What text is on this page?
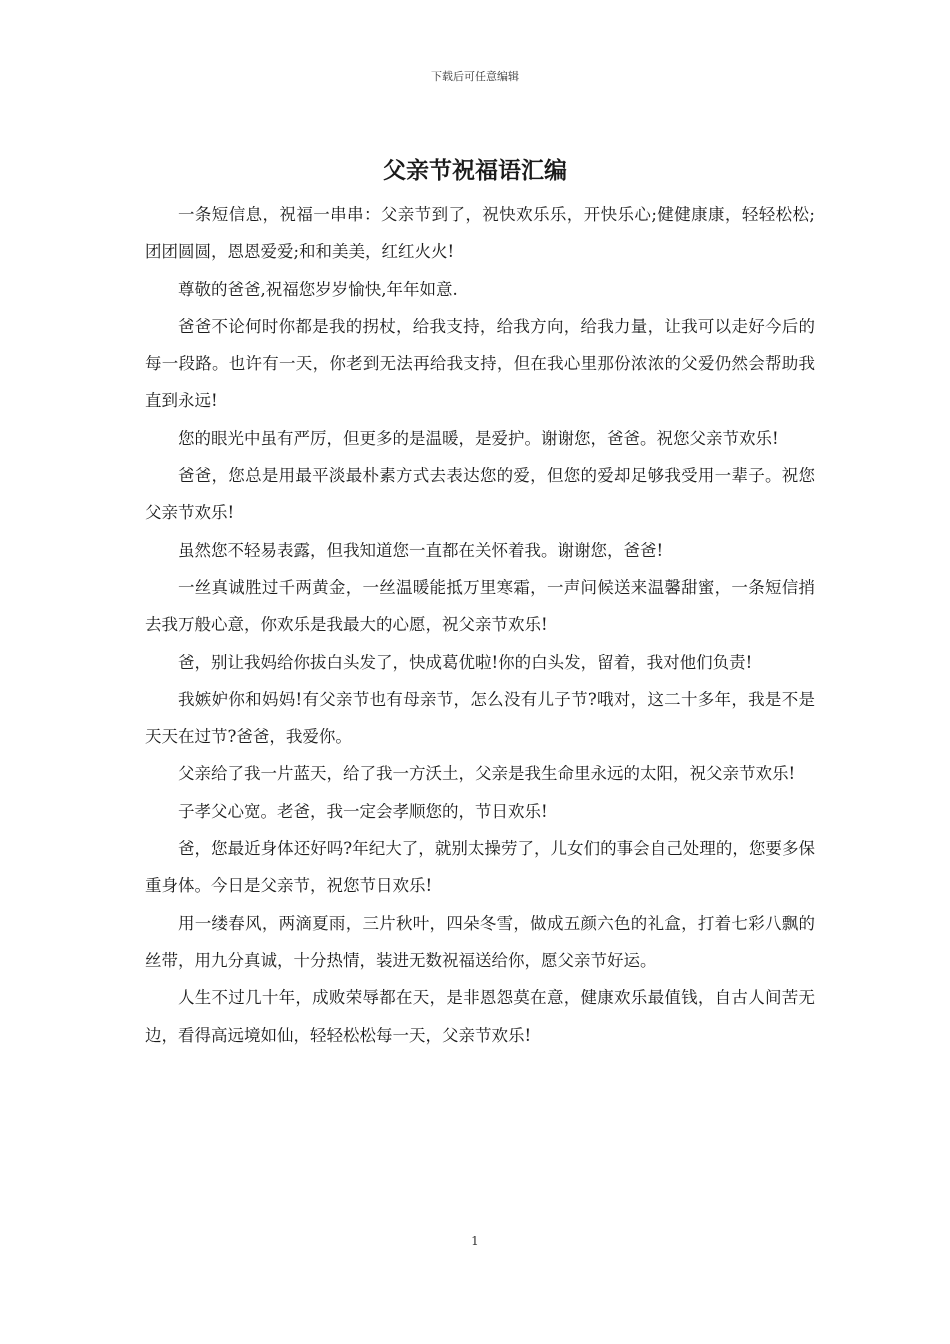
下载后可任意编辑
父亲节祝福语汇编

一条短信息，祝福一串串：父亲节到了，祝快欢乐乐，开快乐心;健健康康，轻轻松松;团团圆圆，恩恩爱爱;和和美美，红红火火!

尊敬的爸爸,祝福您岁岁愉快,年年如意.

爸爸不论何时你都是我的拐杖，给我支持，给我方向，给我力量，让我可以走好今后的每一段路。也许有一天，你老到无法再给我支持，但在我心里那份浓浓的父爱仍然会帮助我直到永远!

您的眼光中虽有严厉，但更多的是温暖，是爱护。谢谢您，爸爸。祝您父亲节欢乐!

爸爸，您总是用最平淡最朴素方式去表达您的爱，但您的爱却足够我受用一辈子。祝您父亲节欢乐!

虽然您不轻易表露，但我知道您一直都在关怀着我。谢谢您，爸爸!

一丝真诚胜过千两黄金，一丝温暖能抵万里寒霜，一声问候送来温馨甜蜜，一条短信捎去我万般心意，你欢乐是我最大的心愿，祝父亲节欢乐!

爸，别让我妈给你拔白头发了，快成葛优啦!你的白头发，留着，我对他们负责!

我嫉妒你和妈妈!有父亲节也有母亲节，怎么没有儿子节?哦对，这二十多年，我是不是天天在过节?爸爸，我爱你。

父亲给了我一片蓝天，给了我一方沃土，父亲是我生命里永远的太阳，祝父亲节欢乐!

子孝父心宽。老爸，我一定会孝顺您的，节日欢乐!

爸，您最近身体还好吗?年纪大了，就别太操劳了，儿女们的事会自己处理的，您要多保重身体。今日是父亲节，祝您节日欢乐!

用一缕春风，两滴夏雨，三片秋叶，四朵冬雪，做成五颜六色的礼盒，打着七彩八飘的丝带，用九分真诚，十分热情，装进无数祝福送给你，愿父亲节好运。

人生不过几十年，成败荣辱都在天，是非恩怨莫在意，健康欢乐最值钱，自古人间苦无边，看得高远境如仙，轻轻松松每一天，父亲节欢乐!

1
